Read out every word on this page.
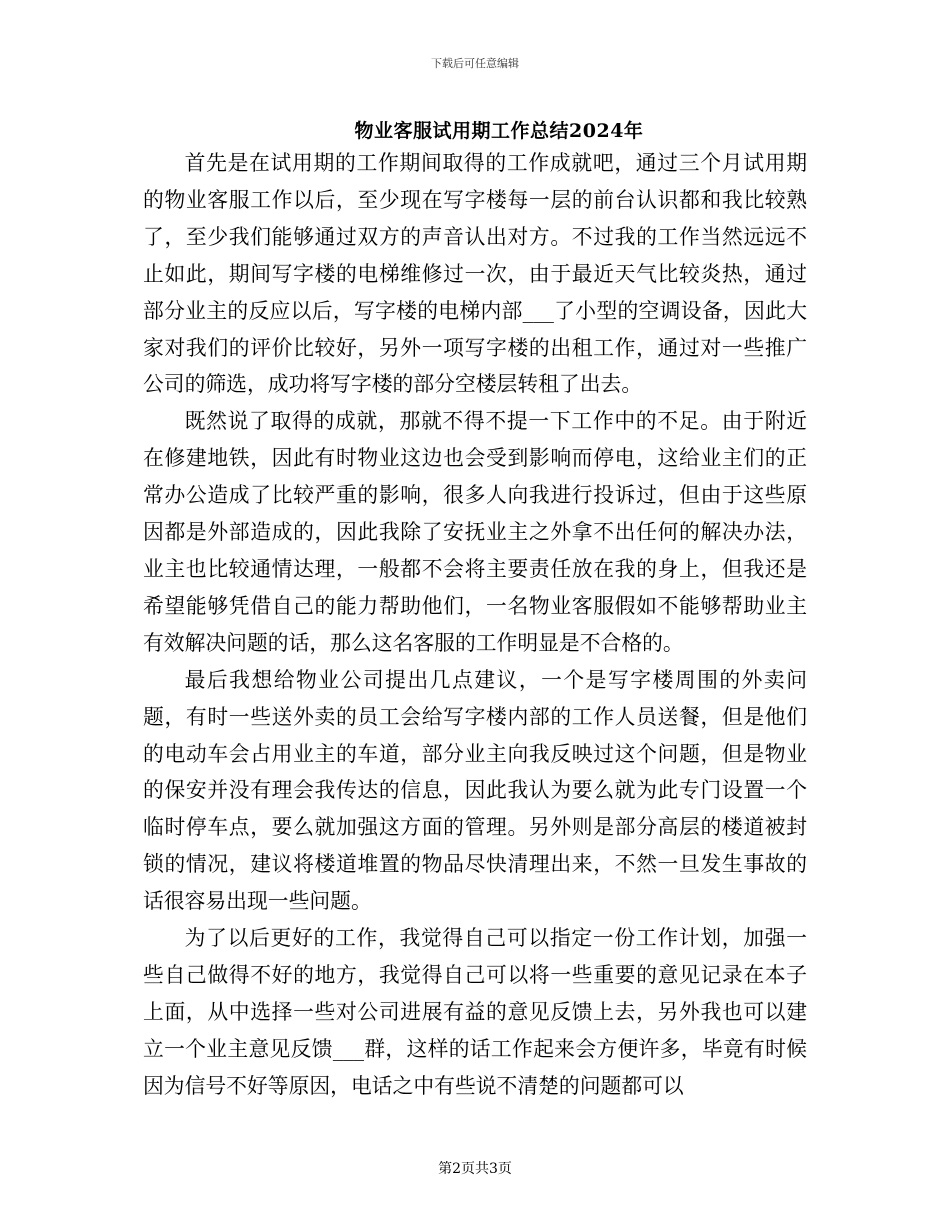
下载后可任意编辑
物业客服试用期工作总结2024年

首先是在试用期的工作期间取得的工作成就吧，通过三个月试用期的物业客服工作以后，至少现在写字楼每一层的前台认识都和我比较熟了，至少我们能够通过双方的声音认出对方。不过我的工作当然远远不止如此，期间写字楼的电梯维修过一次，由于最近天气比较炎热，通过部分业主的反应以后，写字楼的电梯内部___了小型的空调设备，因此大家对我们的评价比较好，另外一项写字楼的出租工作，通过对一些推广公司的筛选，成功将写字楼的部分空楼层转租了出去。

既然说了取得的成就，那就不得不提一下工作中的不足。由于附近在修建地铁，因此有时物业这边也会受到影响而停电，这给业主们的正常办公造成了比较严重的影响，很多人向我进行投诉过，但由于这些原因都是外部造成的，因此我除了安抚业主之外拿不出任何的解决办法，业主也比较通情达理，一般都不会将主要责任放在我的身上，但我还是希望能够凭借自己的能力帮助他们，一名物业客服假如不能够帮助业主有效解决问题的话，那么这名客服的工作明显是不合格的。

最后我想给物业公司提出几点建议，一个是写字楼周围的外卖问题，有时一些送外卖的员工会给写字楼内部的工作人员送餐，但是他们的电动车会占用业主的车道，部分业主向我反映过这个问题，但是物业的保安并没有理会我传达的信息，因此我认为要么就为此专门设置一个临时停车点，要么就加强这方面的管理。另外则是部分高层的楼道被封锁的情况，建议将楼道堆置的物品尽快清理出来，不然一旦发生事故的话很容易出现一些问题。

为了以后更好的工作，我觉得自己可以指定一份工作计划，加强一些自己做得不好的地方，我觉得自己可以将一些重要的意见记录在本子上面，从中选择一些对公司进展有益的意见反馈上去，另外我也可以建立一个业主意见反馈___群，这样的话工作起来会方便许多，毕竟有时候因为信号不好等原因，电话之中有些说不清楚的问题都可以

第2页共3页
